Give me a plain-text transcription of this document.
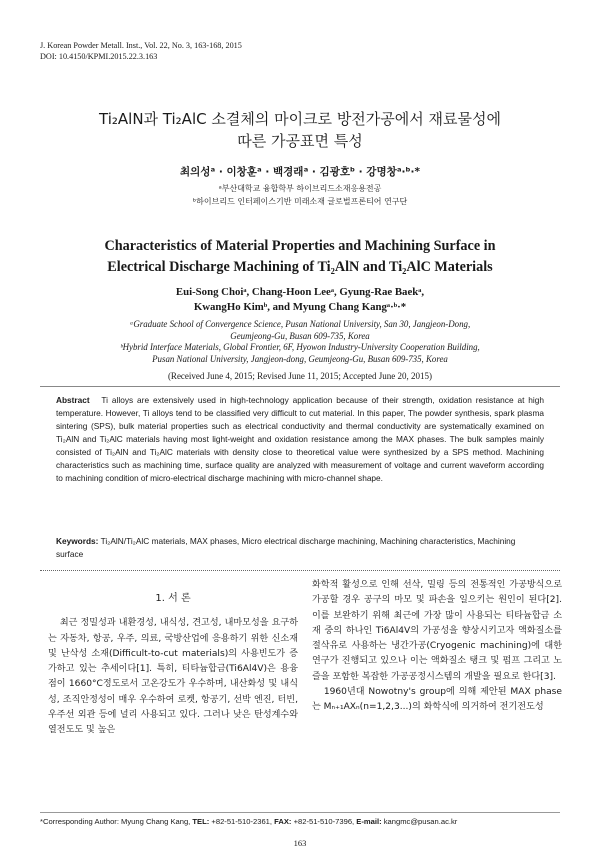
J. Korean Powder Metall. Inst., Vol. 22, No. 3, 163-168, 2015
DOI: 10.4150/KPMI.2015.22.3.163
Ti₂AlN과 Ti₂AlC 소결체의 마이크로 방전가공에서 재료물성에
따른 가공표면 특성
최의성ᵃ · 이창훈ᵃ · 백경래ᵃ · 김광호ᵇ · 강명창ᵃ·ᵇ·*
ᵃ부산대학교 융합학부 하이브리드소재응용전공
ᵇ하이브리드 인터페이스기반 미래소재 글로벌프론티어 연구단
Characteristics of Material Properties and Machining Surface in
Electrical Discharge Machining of Ti₂AlN and Ti₂AlC Materials
Eui-Song Choiᵃ, Chang-Hoon Leeᵃ, Gyung-Rae Baekᵃ,
KwangHo Kimᵇ, and Myung Chang Kangᵃ·ᵇ·*
ᵃGraduate School of Convergence Science, Pusan National University, San 30, Jangjeon-Dong,
Geumjeong-Gu, Busan 609-735, Korea
ᵇHybrid Interface Materials, Global Frontier, 6F, Hyowon Industry-University Cooperation Building,
Pusan National University, Jangjeon-dong, Geumjeong-Gu, Busan 609-735, Korea
(Received June 4, 2015; Revised June 11, 2015; Accepted June 20, 2015)
Abstract Ti alloys are extensively used in high-technology application because of their strength, oxidation resistance at high temperature. However, Ti alloys tend to be classified very difficult to cut material. In this paper, The powder synthesis, spark plasma sintering (SPS), bulk material properties such as electrical conductivity and thermal conductivity are systematically examined on Ti₂AlN and Ti₂AlC materials having most light-weight and oxidation resistance among the MAX phases. The bulk samples mainly consisted of Ti₂AlN and Ti₂AlC materials with density close to theoretical value were synthesized by a SPS method. Machining characteristics such as machining time, surface quality are analyzed with measurement of voltage and current waveform according to machining condition of micro-electrical discharge machining with micro-channel shape.
Keywords: Ti₂AlN/Ti₂AlC materials, MAX phases, Micro electrical discharge machining, Machining characteristics, Machining surface
1. 서 론

최근 정밀성과 내환경성, 내식성, 견고성, 내마모성을 요구하는 자동차, 항공, 우주, 의료, 국방산업에 응용하기 위한 신소재 및 난삭성 소재(Difficult-to-cut materials)의 사용빈도가 증가하고 있는 추세이다[1]. 특히, 티타늄합금(Ti6Al4V)은 용융점이 1660°C정도로서 고온강도가 우수하며, 내산화성 및 내식성, 조직안정성이 매우 우수하여 로켓, 항공기, 선박 엔진, 터빈, 우주선 외관 등에 널리 사용되고 있다. 그러나 낮은 탄성계수와 열전도도 및 높은

화학적 활성으로 인해 선삭, 밀링 등의 전통적인 가공방식으로 가공할 경우 공구의 마모 및 파손을 일으키는 원인이 된다[2]. 이를 보완하기 위해 최근에 가장 많이 사용되는 티타늄합금 소재 중의 하나인 Ti6Al4V의 가공성을 향상시키고자 액화질소를 절삭유로 사용하는 냉간가공(Cryogenic machining)에 대한 연구가 진행되고 있으나 이는 액화질소 탱크 및 펌프 그리고 노즐을 포함한 복잡한 가공공정시스템의 개발을 필요로 한다[3].

1960년대 Nowotny's group에 의해 제안된 MAX phase는 Mₙ₊₁AXₙ(n=1,2,3...)의 화학식에 의거하여 전기전도성

*Corresponding Author: Myung Chang Kang, TEL: +82-51-510-2361, FAX: +82-51-510-7396, E-mail: kangmc@pusan.ac.kr
163
